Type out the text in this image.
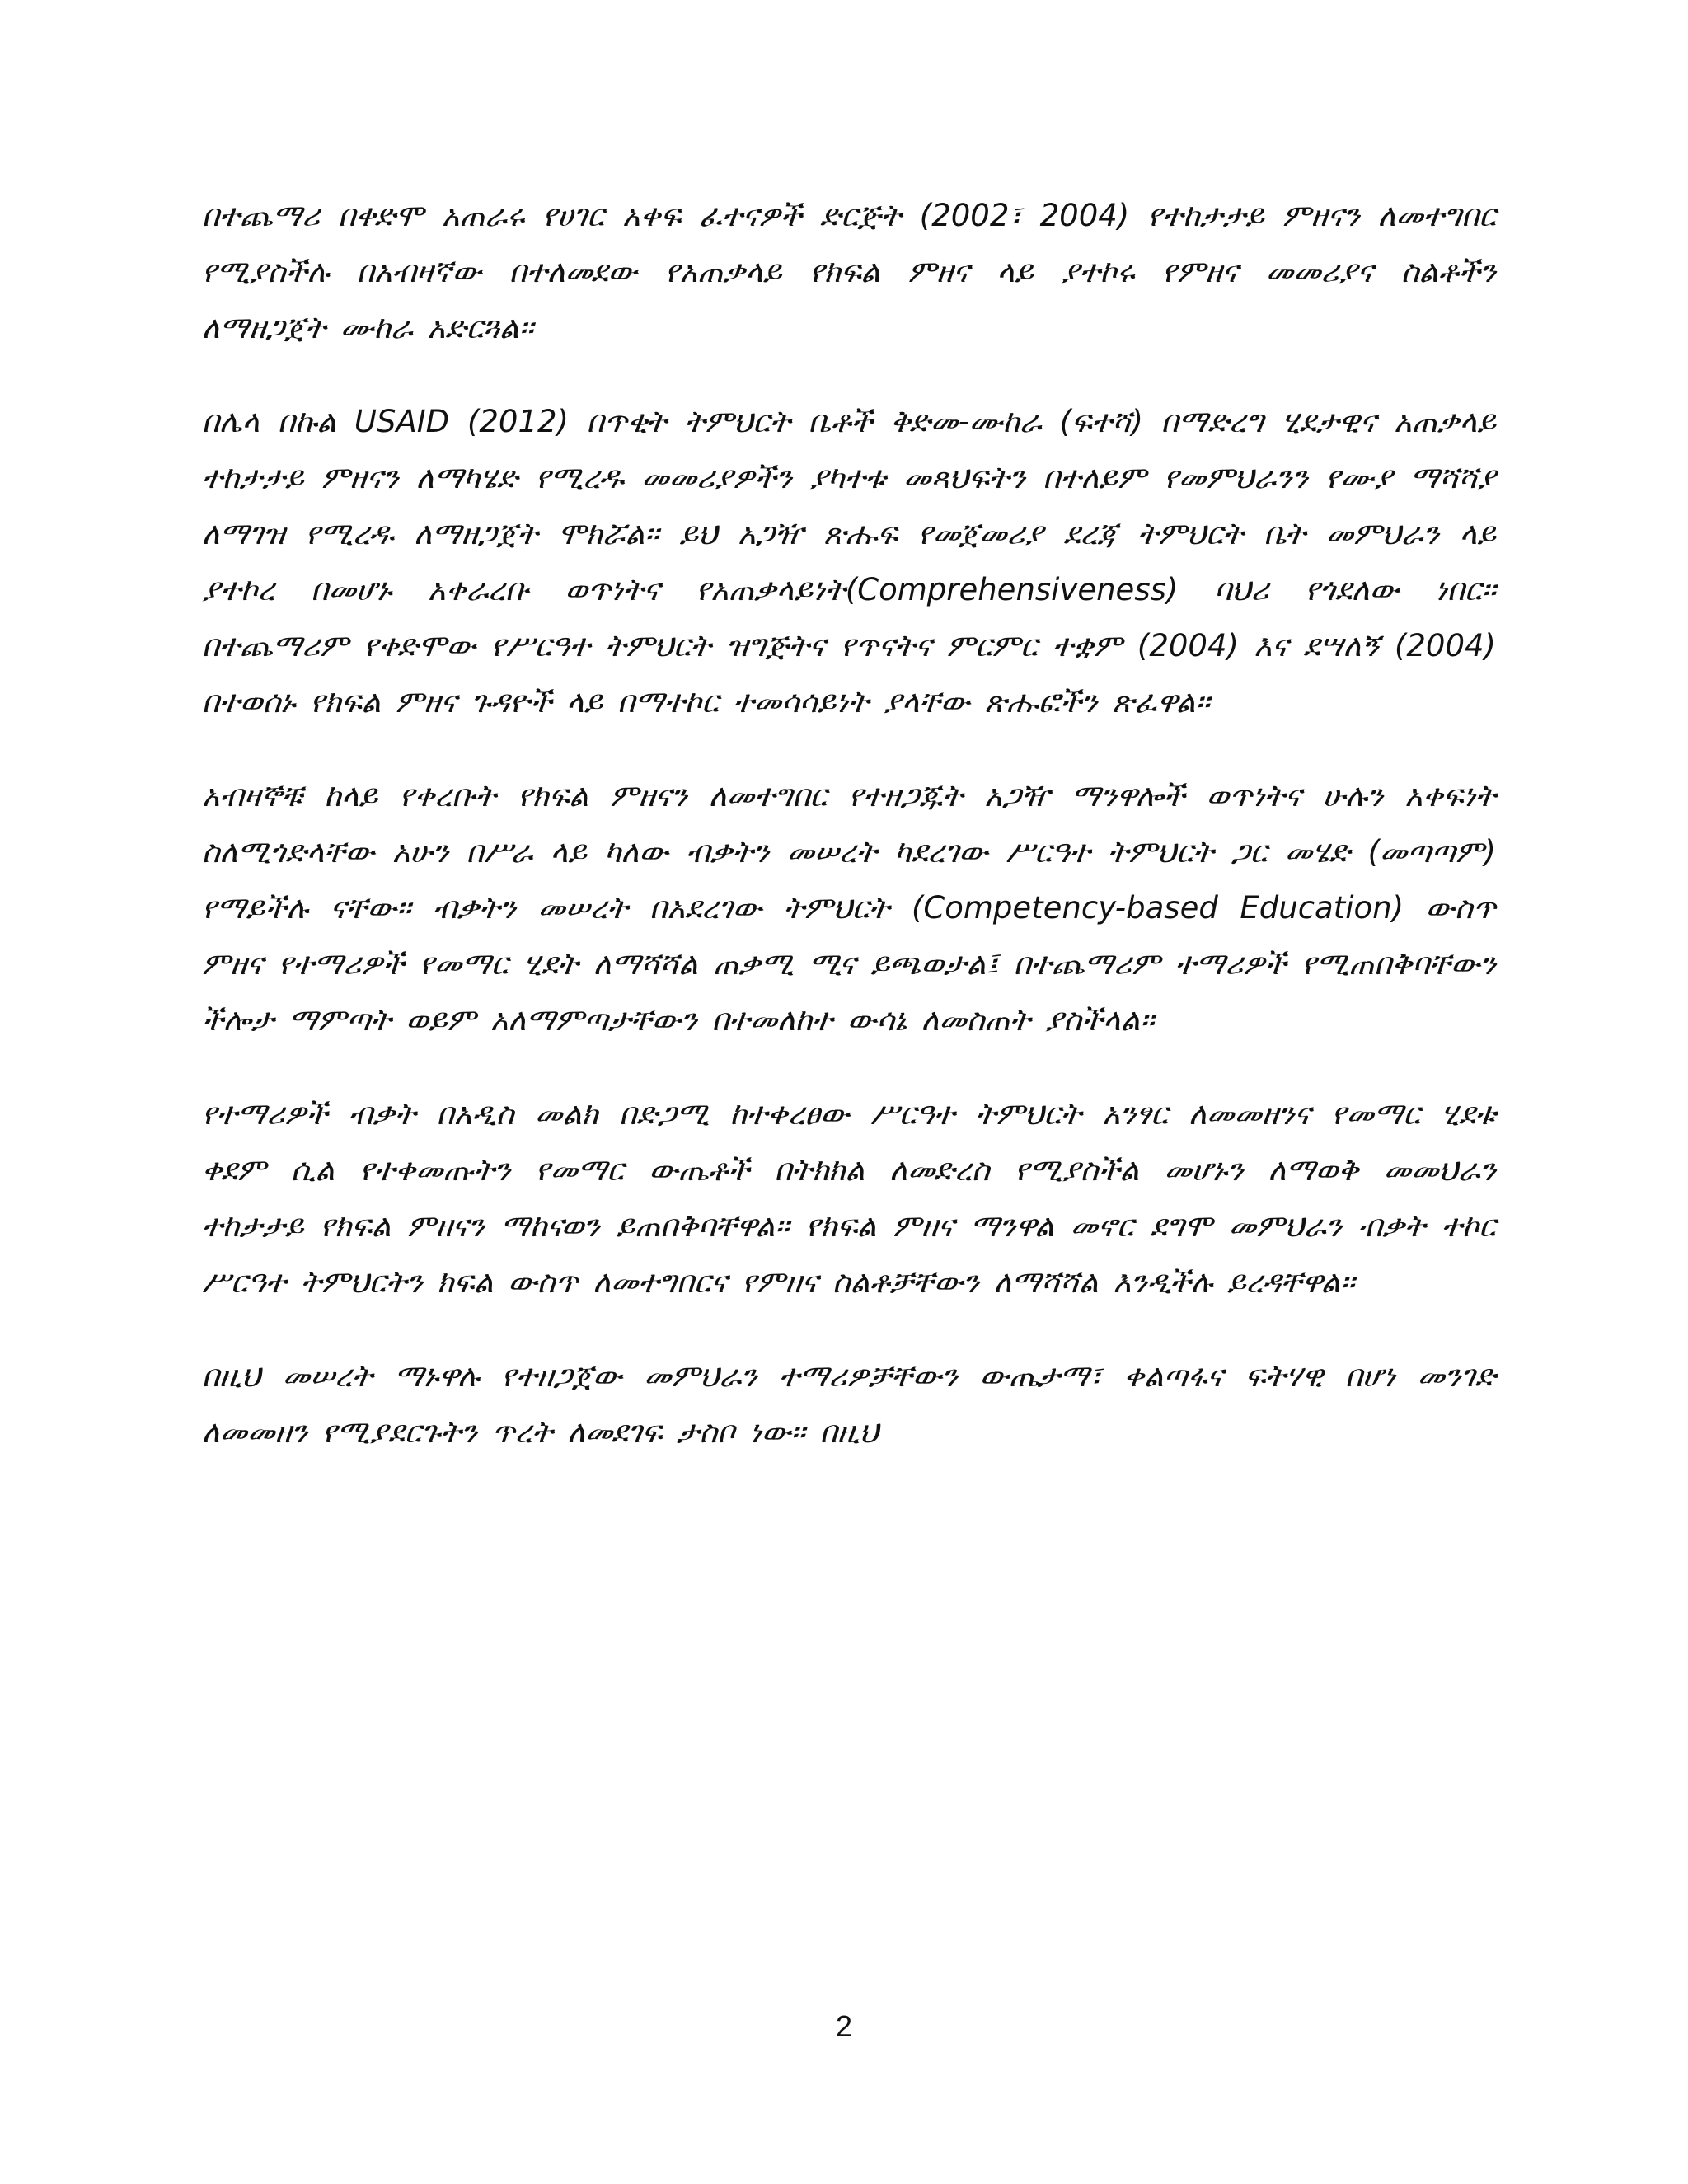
በተጨማሪ በቀድሞ አጠራሩ የሀገር አቀፍ ፈተናዎች ድርጅት (2002፣ 2004) የተከታታይ ምዘናን ለመተግበር የሚያስችሉ በአብዛኛው በተለመደው የአጠቃላይ የክፍል ምዘና ላይ ያተኮሩ የምዘና መመሪያና ስልቶችን ለማዘጋጀት ሙከራ አድርጓል፡፡

በሌላ በኩል USAID (2012) በጥቂት ትምህርት ቤቶች ቅድመ-ሙከራ (ፍተሻ) በማድረግ ሂደታዊና አጠቃላይ ተከታታይ ምዘናን ለማካሄድ የሚረዱ መመሪያዎችን ያካተቱ መጻህፍትን በተለይም የመምህራንን የሙያ ማሻሻያ ለማገዝ የሚረዱ ለማዘጋጀት ሞክሯል፡፡ ይህ አጋዥ ጽሑፍ የመጀመሪያ ደረጃ ትምህርት ቤት መምህራን ላይ ያተኮረ በመሆኑ አቀራረቡ ወጥነትና የአጠቃላይነት(Comprehensiveness) ባህሪ የጎደለው ነበር፡፡ በተጨማሪም የቀድሞው የሥርዓተ ትምህርት ዝግጅትና የጥናትና ምርምር ተቋም (2004) እና ደሣለኝ (2004) በተወሰኑ የክፍል ምዘና ጉዳዮች ላይ በማተኮር ተመሳሳይነት ያላቸው ጽሑፎችን ጽፈዋል፡፡

አብዛኞቹ ከላይ የቀረቡት የክፍል ምዘናን ለመተግበር የተዘጋጁት አጋዥ ማንዋሎች ወጥነትና ሁሉን አቀፍነት ስለሚጎድላቸው አሁን በሥራ ላይ ካለው ብቃትን መሠረት ካደረገው ሥርዓተ ትምህርት ጋር መሄድ (መጣጣም) የማይችሉ ናቸው፡፡ ብቃትን መሠረት በአደረገው ትምህርት (Competency-based Education) ውስጥ ምዘና የተማሪዎች የመማር ሂደት ለማሻሻል ጠቃሚ ሚና ይጫወታል፤ በተጨማሪም ተማሪዎች የሚጠበቅባቸውን ችሎታ ማምጣት ወይም አለማምጣታቸውን በተመለከተ ውሳኔ ለመስጠት ያስችላል፡፡

የተማሪዎች ብቃት በአዲስ መልክ በድጋሚ ከተቀረፀው ሥርዓተ ትምህርት አንፃር ለመመዘንና የመማር ሂደቱ ቀደም ሲል የተቀመጡትን የመማር ውጤቶች በትክክል ለመድረስ የሚያስችል መሆኑን ለማወቅ መመህራን ተከታታይ የክፍል ምዘናን ማከናወን ይጠበቅባቸዋል፡፡ የክፍል ምዘና ማንዋል መኖር ደግሞ መምህራን ብቃት ተኮር ሥርዓተ ትምህርትን ክፍል ውስጥ ለመተግበርና የምዘና ስልቶቻቸውን ለማሻሻል እንዲችሉ ይረዳቸዋል፡፡

በዚህ መሠረት ማኑዋሉ የተዘጋጀው መምህራን ተማሪዎቻቸውን ውጤታማ፣ ቀልጣፋና ፍትሃዊ በሆነ መንገድ ለመመዘን የሚያደርጉትን ጥረት ለመደገፍ ታስቦ ነው፡፡ በዚህ

2
